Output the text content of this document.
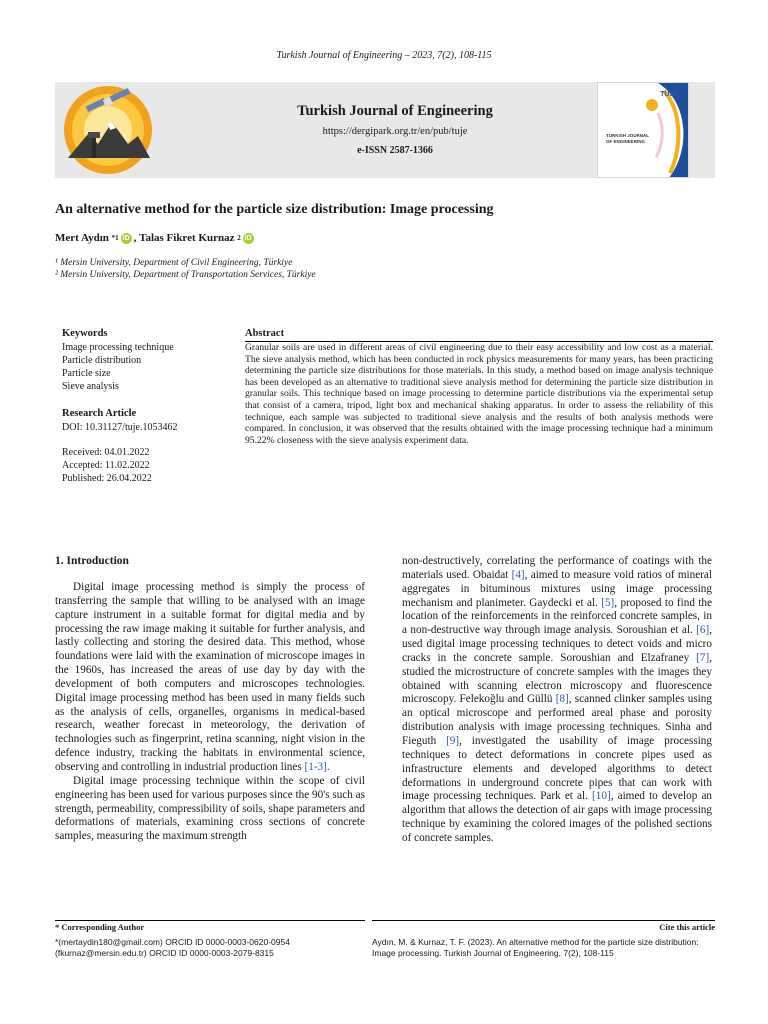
Turkish Journal of Engineering – 2023, 7(2), 108-115
Turkish Journal of Engineering
https://dergipark.org.tr/en/pub/tuje
e-ISSN 2587-1366
TUJE
TURKISH JOURNAL OF ENGINEERING
An alternative method for the particle size distribution: Image processing
Mert Aydın
*1 iD , Talas Fikret Kurnaz
2 iD
¹ Mersin University, Department of Civil Engineering, Türkiye
² Mersin University, Department of Transportation Services, Türkiye
Keywords
Image processing technique
Particle distribution
Particle size
Sieve analysis
Research Article
DOI: 10.31127/tuje.1053462
Received: 04.01.2022
Accepted: 11.02.2022
Published: 26.04.2022
Abstract
Granular soils are used in different areas of civil engineering due to their easy accessibility and low cost as a material. The sieve analysis method, which has been conducted in rock physics measurements for many years, has been practicing determining the particle size distributions for those materials. In this study, a method based on image analysis technique has been developed as an alternative to traditional sieve analysis method for determining the particle size distribution in granular soils. This technique based on image processing to determine particle distributions via the experimental setup that consist of a camera, tripod, light box and mechanical shaking apparatus. In order to assess the reliability of this technique, each sample was subjected to traditional sieve analysis and the results of both analysis methods were compared. In conclusion, it was observed that the results obtained with the image processing technique had a minimum 95.22% closeness with the sieve analysis experiment data.
1. Introduction

Digital image processing method is simply the process of transferring the sample that willing to be analysed with an image capture instrument in a suitable format for digital media and by processing the raw image making it suitable for further analysis, and lastly collecting and storing the desired data. This method, whose foundations were laid with the examination of microscope images in the 1960s, has increased the areas of use day by day with the development of both computers and microscopes technologies. Digital image processing method has been used in many fields such as the analysis of cells, organelles, organisms in medical-based research, weather forecast in meteorology, the derivation of technologies such as fingerprint, retina scanning, night vision in the defence industry, tracking the habitats in environmental science, observing and controlling in industrial production lines [1-3].

Digital image processing technique within the scope of civil engineering has been used for various purposes since the 90's such as strength, permeability, compressibility of soils, shape parameters and deformations of materials, examining cross sections of concrete samples, measuring the maximum strength

non-destructively, correlating the performance of coatings with the materials used. Obaidat [4], aimed to measure void ratios of mineral aggregates in bituminous mixtures using image processing mechanism and planimeter. Gaydecki et al. [5], proposed to find the location of the reinforcements in the reinforced concrete samples, in a non-destructive way through image analysis. Soroushian et al. [6], used digital image processing techniques to detect voids and micro cracks in the concrete sample. Soroushian and Elzafraney [7], studied the microstructure of concrete samples with the images they obtained with scanning electron microscopy and fluorescence microscopy. Felekoğlu and Güllü [8], scanned clinker samples using an optical microscope and performed areal phase and porosity distribution analysis with image processing techniques. Sinha and Fieguth [9], investigated the usability of image processing techniques to detect deformations in concrete pipes used as infrastructure elements and developed algorithms to detect deformations in underground concrete pipes that can work with image processing techniques. Park et al. [10], aimed to develop an algorithm that allows the detection of air gaps with image processing technique by examining the colored images of the polished sections of concrete samples.

* Corresponding Author	Cite this article
*(mertaydin180@gmail.com) ORCID ID 0000-0003-0620-0954
(fkurnaz@mersin.edu.tr) ORCID ID 0000-0003-2079-8315
Aydın, M. & Kurnaz, T. F. (2023). An alternative method for the particle size distribution: Image processing. Turkish Journal of Engineering, 7(2), 108-115
